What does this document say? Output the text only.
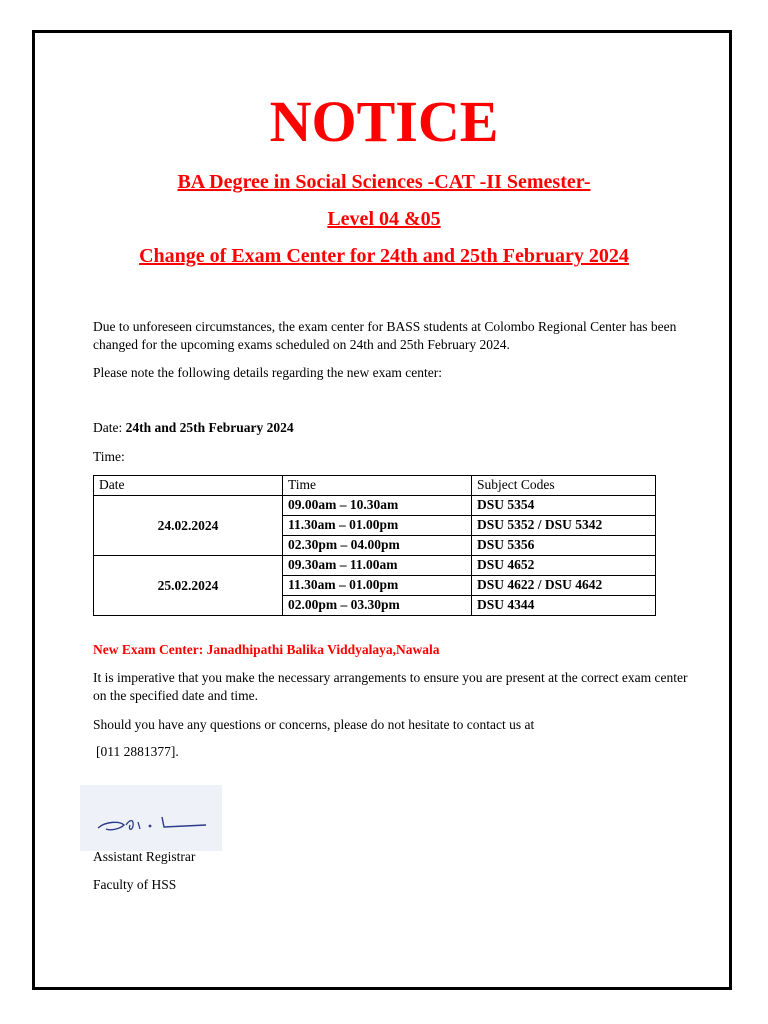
NOTICE

BA Degree in Social Sciences -CAT -II Semester-

Level 04 &05

Change of Exam Center for 24th and 25th February 2024

Due to unforeseen circumstances, the exam center for BASS students at Colombo Regional Center has been changed for the upcoming exams scheduled on 24th and 25th February 2024.

Please note the following details regarding the new exam center:

Date: 24th and 25th February 2024

Time:

Date	Time	Subject Codes
24.02.2024	09.00am – 10.30am	DSU 5354
	11.30am – 01.00pm	DSU 5352 / DSU 5342
	02.30pm – 04.00pm	DSU 5356
25.02.2024	09.30am – 11.00am	DSU 4652
	11.30am – 01.00pm	DSU 4622 / DSU 4642
	02.00pm – 03.30pm	DSU 4344

New Exam Center: Janadhipathi Balika Viddyalaya,Nawala

It is imperative that you make the necessary arrangements to ensure you are present at the correct exam center on the specified date and time.

Should you have any questions or concerns, please do not hesitate to contact us at

[011 2881377].

Assistant Registrar

Faculty of HSS
